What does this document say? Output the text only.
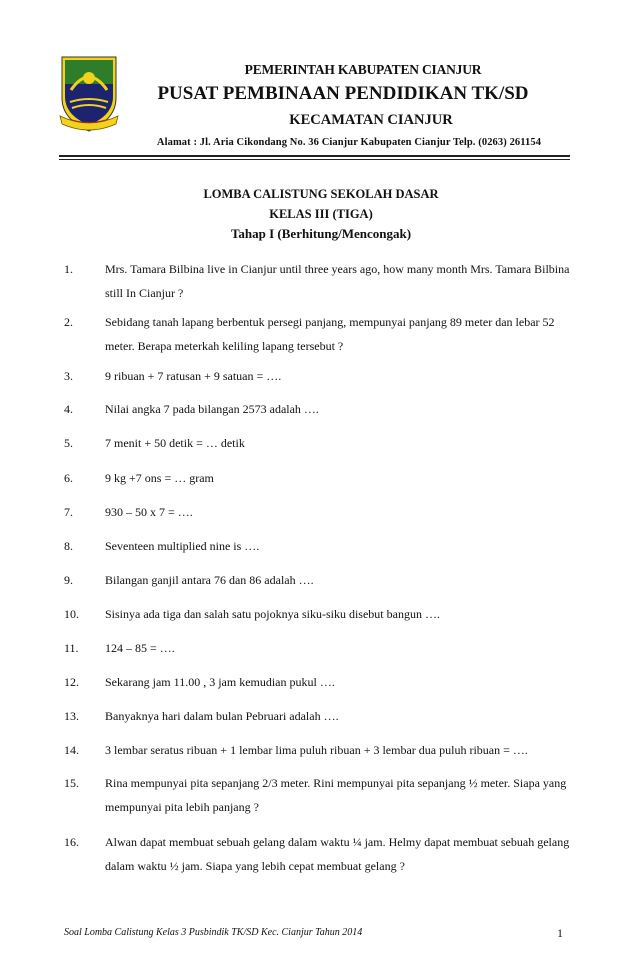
PEMERINTAH KABUPATEN CIANJUR
PUSAT PEMBINAAN PENDIDIKAN TK/SD
KECAMATAN CIANJUR
Alamat : Jl. Aria Cikondang No. 36 Cianjur Kabupaten Cianjur Telp. (0263) 261154
LOMBA CALISTUNG SEKOLAH DASAR
KELAS III (TIGA)
Tahap I (Berhitung/Mencongak)
1.	Mrs. Tamara Bilbina live in Cianjur until three years ago, how many month Mrs. Tamara Bilbina still In Cianjur ?
2.	Sebidang tanah lapang berbentuk persegi panjang, mempunyai panjang 89 meter dan lebar 52 meter. Berapa meterkah keliling lapang tersebut ?
3.	9 ribuan + 7 ratusan + 9 satuan = ….
4.	Nilai angka 7 pada bilangan 2573 adalah ….
5.	7 menit + 50 detik = … detik
6.	9 kg +7 ons = … gram
7.	930 – 50 x 7 = ….
8.	Seventeen multiplied nine is ….
9.	Bilangan ganjil antara 76 dan 86 adalah ….
10. Sisinya ada tiga dan salah satu pojoknya siku-siku disebut bangun ….
11. 124 – 85 = ….
12. Sekarang jam 11.00 , 3 jam kemudian pukul ….
13. Banyaknya hari dalam bulan Pebruari adalah ….
14. 3 lembar seratus ribuan + 1 lembar lima puluh ribuan + 3 lembar dua puluh ribuan = ….
15. Rina mempunyai pita sepanjang 2/3 meter. Rini mempunyai pita sepanjang ½ meter. Siapa yang mempunyai pita lebih panjang ?
16. Alwan dapat membuat sebuah gelang dalam waktu ¼ jam. Helmy dapat membuat sebuah gelang dalam waktu ½ jam. Siapa yang lebih cepat membuat gelang ?
Soal Lomba Calistung Kelas 3 Pusbindik TK/SD Kec. Cianjur Tahun 2014	1
